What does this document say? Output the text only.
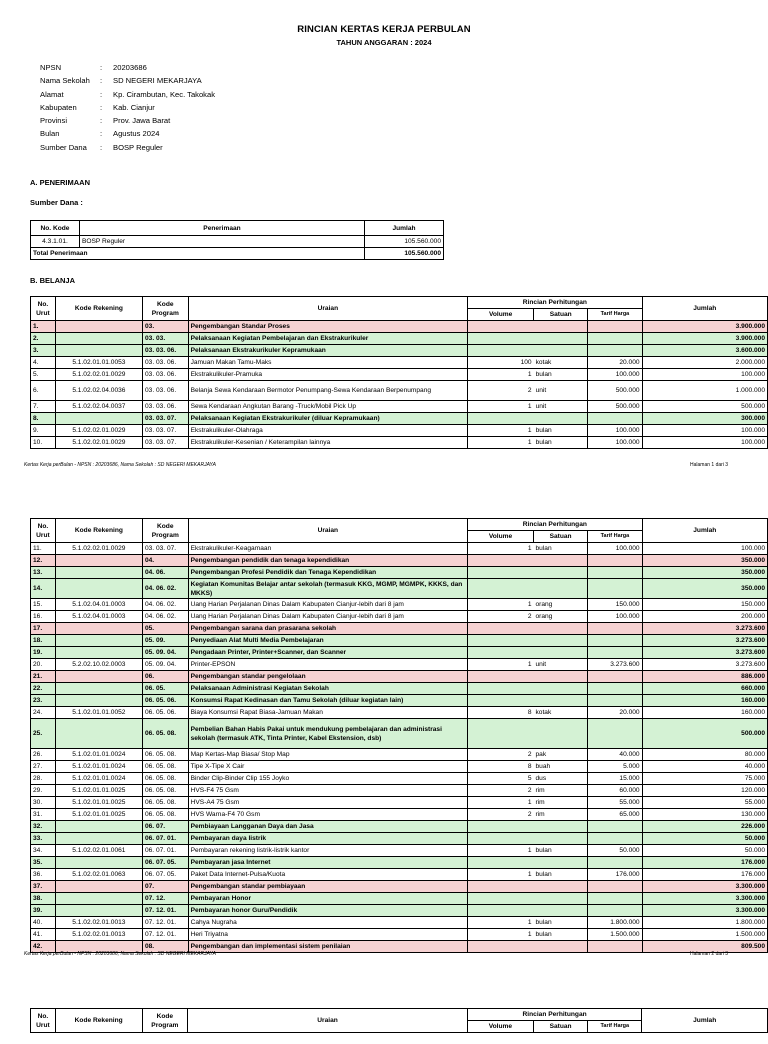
RINCIAN KERTAS KERJA PERBULAN
TAHUN ANGGARAN : 2024
NPSN	:	20203686
Nama Sekolah	:	SD NEGERI MEKARJAYA
Alamat	:	Kp. Cirambutan, Kec. Takokak
Kabupaten	:	Kab. Cianjur
Provinsi	:	Prov. Jawa Barat
Bulan	:	Agustus 2024
Sumber Dana	:	BOSP Reguler
A. PENERIMAAN
Sumber Dana :
No. Kode	Penerimaan	Jumlah
4.3.1.01.	BOSP Reguler	105.560.000
Total Penerimaan		105.560.000
B. BELANJA
No. Urut	Kode Rekening	Kode Program	Uraian	Rincian Perhitungan			Jumlah
				Volume	Satuan	Tarif Harga	
1.		03.	Pengembangan Standar Proses				3.900.000
2.		03. 03.	Pelaksanaan Kegiatan Pembelajaran dan Ekstrakurikuler				3.900.000
3.		03. 03. 06.	Pelaksanaan Ekstrakurikuler Kepramukaan				3.600.000
4.	5.1.02.01.01.0053	03. 03. 06.	Jamuan Makan Tamu-Maks	100	kotak	20.000	2.000.000
5.	5.1.02.02.01.0029	03. 03. 06.	Ekstrakulikuler-Pramuka	1	bulan	100.000	100.000
6.	5.1.02.02.04.0036	03. 03. 06.	Belanja Sewa Kendaraan Bermotor Penumpang-Sewa Kendaraan Berpenumpang	2	unit	500.000	1.000.000
7.	5.1.02.02.04.0037	03. 03. 06.	Sewa Kendaraan Angkutan Barang -Truck/Mobil Pick Up	1	unit	500.000	500.000
8.		03. 03. 07.	Pelaksanaan Kegiatan Ekstrakurikuler (diluar Kepramukaan)				300.000
9.	5.1.02.02.01.0029	03. 03. 07.	Ekstrakulikuler-Olahraga	1	bulan	100.000	100.000
10.	5.1.02.02.01.0029	03. 03. 07.	Ekstrakulikuler-Kesenian / Keterampilan lainnya	1	bulan	100.000	100.000
Kertas Kerja perBulan - NPSN : 20203686, Nama Sekolah : SD NEGERI MEKARJAYA	Halaman 1 dari 3
No. Urut	Kode Rekening	Kode Program	Uraian	Rincian Perhitungan			Jumlah
				Volume	Satuan	Tarif Harga	
11.	5.1.02.02.01.0029	03. 03. 07.	Ekstrakulikuler-Keagamaan	1	bulan	100.000	100.000
12.		04.	Pengembangan pendidik dan tenaga kependidikan				350.000
13.		04. 06.	Pengembangan Profesi Pendidik dan Tenaga Kependidikan				350.000
14.		04. 06. 02.	Kegiatan Komunitas Belajar antar sekolah (termasuk KKG, MGMP, MGMPK, KKKS, dan MKKS)				350.000
15.	5.1.02.04.01.0003	04. 06. 02.	Uang Harian Perjalanan Dinas Dalam Kabupaten Cianjur-lebih dari 8 jam	1	orang	150.000	150.000
16.	5.1.02.04.01.0003	04. 06. 02.	Uang Harian Perjalanan Dinas Dalam Kabupaten Cianjur-lebih dari 8 jam	2	orang	100.000	200.000
17.		05.	Pengembangan sarana dan prasarana sekolah				3.273.600
18.		05. 09.	Penyediaan Alat Multi Media Pembelajaran				3.273.600
19.		05. 09. 04.	Pengadaan Printer, Printer+Scanner, dan Scanner				3.273.600
20.	5.2.02.10.02.0003	05. 09. 04.	Printer-EPSON	1	unit	3.273.600	3.273.600
21.		06.	Pengembangan standar pengelolaan				886.000
22.		06. 05.	Pelaksanaan Administrasi Kegiatan Sekolah				660.000
23.		06. 05. 06.	Konsumsi Rapat Kedinasan dan Tamu Sekolah (diluar kegiatan lain)				160.000
24.	5.1.02.01.01.0052	06. 05. 06.	Biaya Konsumsi Rapat Biasa-Jamuan Makan	8	kotak	20.000	160.000
25.		06. 05. 08.	Pembelian Bahan Habis Pakai untuk mendukung pembelajaran dan administrasi sekolah (termasuk ATK, Tinta Printer, Kabel Ekstension, dsb)				500.000
26.	5.1.02.01.01.0024	06. 05. 08.	Map Kertas-Map Biasa/ Stop Map	2	pak	40.000	80.000
27.	5.1.02.01.01.0024	06. 05. 08.	Tipe X-Tipe X Cair	8	buah	5.000	40.000
28.	5.1.02.01.01.0024	06. 05. 08.	Binder Clip-Binder Clip 155 Joyko	5	dus	15.000	75.000
29.	5.1.02.01.01.0025	06. 05. 08.	HVS-F4 75 Gsm	2	rim	60.000	120.000
30.	5.1.02.01.01.0025	06. 05. 08.	HVS-A4 75 Gsm	1	rim	55.000	55.000
31.	5.1.02.01.01.0025	06. 05. 08.	HVS Warna-F4 70 Gsm	2	rim	65.000	130.000
32.		06. 07.	Pembiayaan Langganan Daya dan Jasa				226.000
33.		06. 07. 01.	Pembayaran daya listrik				50.000
34.	5.1.02.02.01.0061	06. 07. 01.	Pembayaran rekening listrik-listrik kantor	1	bulan	50.000	50.000
35.		06. 07. 05.	Pembayaran jasa Internet				176.000
36.	5.1.02.02.01.0063	06. 07. 05.	Paket Data Internet-Pulsa/Kuota	1	bulan	176.000	176.000
37.		07.	Pengembangan standar pembiayaan				3.300.000
38.		07. 12.	Pembayaran Honor				3.300.000
39.		07. 12. 01.	Pembayaran honor Guru/Pendidik				3.300.000
40.	5.1.02.02.01.0013	07. 12. 01.	Cahya Nugraha	1	bulan	1.800.000	1.800.000
41.	5.1.02.02.01.0013	07. 12. 01.	Heri Triyatna	1	bulan	1.500.000	1.500.000
42.		08.	Pengembangan dan implementasi sistem penilaian				809.500
Kertas Kerja perBulan - NPSN : 20203686, Nama Sekolah : SD NEGERI MEKARJAYA	Halaman 2 dari 3
No. Urut	Kode Rekening	Kode Program	Uraian	Rincian Perhitungan			Jumlah
				Volume	Satuan	Tarif Harga	
